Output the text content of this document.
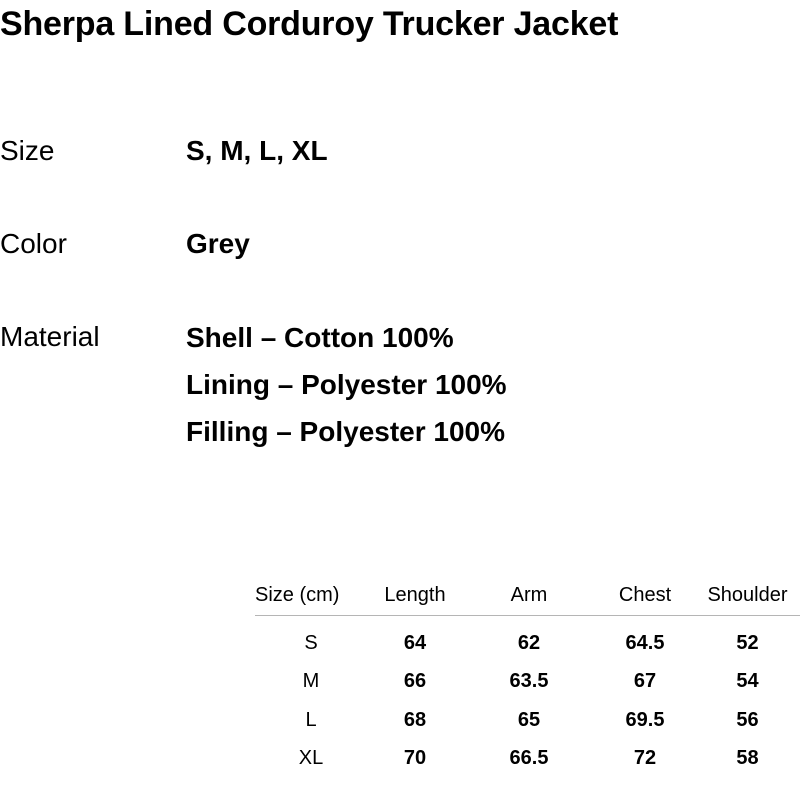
Sherpa Lined Corduroy Trucker Jacket
Size	S, M, L, XL
Color	Grey
Material	Shell – Cotton 100%
Lining – Polyester 100%
Filling – Polyester 100%
Size (cm)	Length	Arm	Chest	Shoulder
S	64	62	64.5	52
M	66	63.5	67	54
L	68	65	69.5	56
XL	70	66.5	72	58
